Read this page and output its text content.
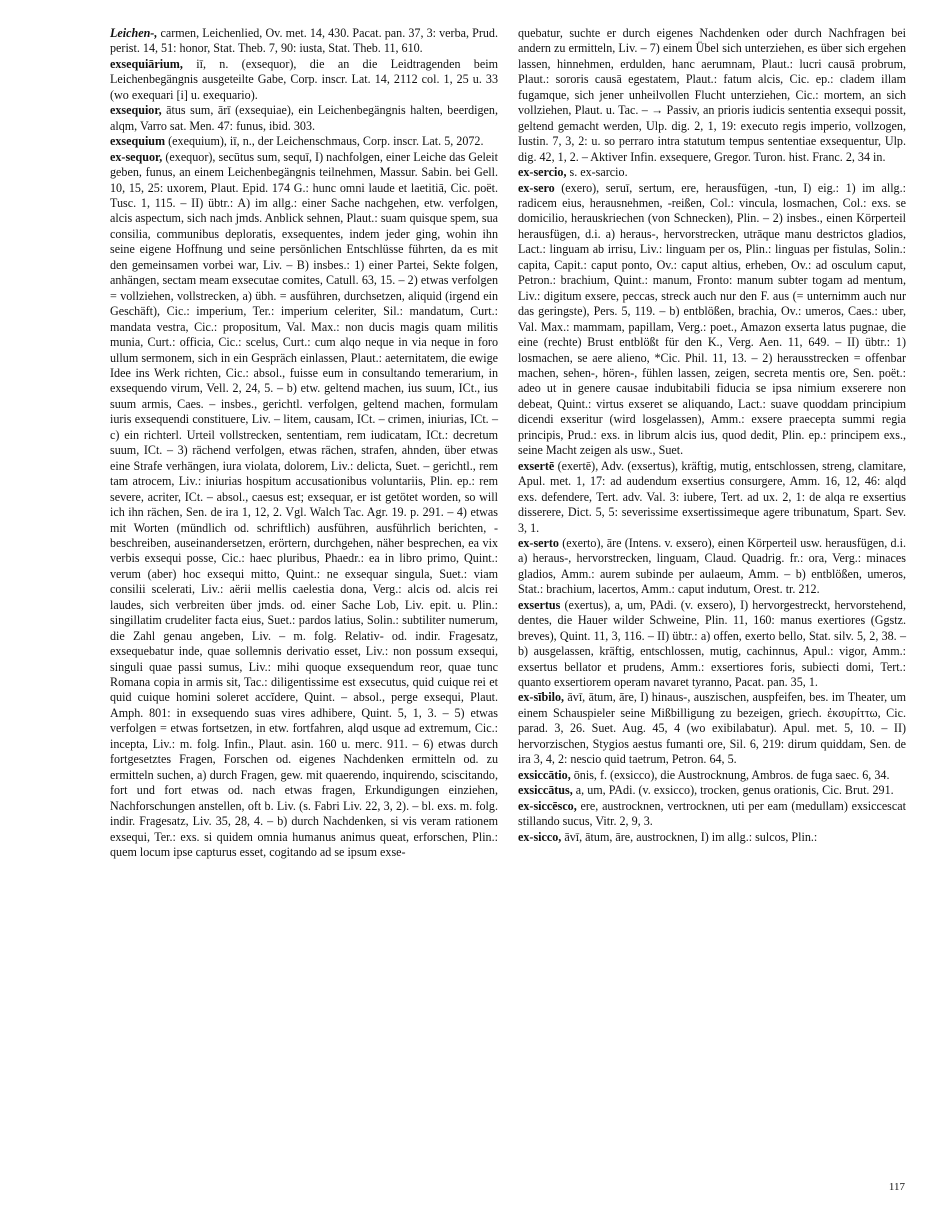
Leichen-, carmen, Leichenlied, Ov. met. 14, 430. Pacat. pan. 37, 3: verba, Prud. perist. 14, 51: honor, Stat. Theb. 7, 90: iusta, Stat. Theb. 11, 610.
exsequiārium, iī, n. (exsequor), die an die Leidtragenden beim Leichenbegängnis ausgeteilte Gabe, Corp. inscr. Lat. 14, 2112 col. 1, 25 u. 33 (wo exequari [i] u. exequario).
exsequior, ātus sum, ārī (exsequiae), ein Leichenbegängnis halten, beerdigen, alqm, Varro sat. Men. 47: funus, ibid. 303.
exsequium (exequium), iī, n., der Leichenschmaus, Corp. inscr. Lat. 5, 2072.
ex-sequor, (exequor), secūtus sum, sequī, I) nachfolgen, einer Leiche das Geleit geben, funus, an einem Leichenbegängnis teilnehmen, Massur. Sabin. bei Gell. 10, 15, 25: uxorem, Plaut. Epid. 174 G.: hunc omni laude et laetitiā, Cic. poët. Tusc. 1, 115. – II) übtr.: A) im allg.: einer Sache nachgehen, etw. verfolgen, alcis aspectum, sich nach jmds. Anblick sehnen, Plaut.: suam quisque spem, sua consilia, communibus deploratis, exsequentes, indem jeder ging, wohin ihn seine eigene Hoffnung und seine persönlichen Entschlüsse führten, da es mit den gemeinsamen vorbei war, Liv. – B) insbes.: 1) einer Partei, Sekte folgen, anhängen, sectam meam exsecutae comites, Catull. 63, 15. – 2) etwas verfolgen = vollziehen, vollstrecken, a) übh. = ausführen, durchsetzen, aliquid (irgend ein Geschäft), Cic.: imperium, Ter.: imperium celeriter, Sil.: mandatum, Curt.: mandata vestra, Cic.: propositum, Val. Max.: non ducis magis quam militis munia, Curt.: officia, Cic.: scelus, Curt.: cum alqo neque in via neque in foro ullum sermonem, sich in ein Gespräch einlassen, Plaut.: aeternitatem, die ewige Idee ins Werk richten, Cic.: absol., fuisse eum in consultando temerarium, in exsequendo virum, Vell. 2, 24, 5. – b) etw. geltend machen, ius suum, ICt., ius suum armis, Caes. – insbes., gerichtl. verfolgen, geltend machen, formulam iuris exsequendi constituere, Liv. – litem, causam, ICt. – crimen, iniurias, ICt. – c) ein richterl. Urteil vollstrecken, sententiam, rem iudicatam, ICt.: decretum suum, ICt. – 3) rächend verfolgen, etwas rächen, strafen, ahnden, über etwas eine Strafe verhängen, iura violata, dolorem, Liv.: delicta, Suet. – gerichtl., rem tam atrocem, Liv.: iniurias hospitum accusationibus voluntariis, Plin. ep.: rem severe, acriter, ICt. – absol., caesus est; exsequar, er ist getötet worden, so will ich ihn rächen, Sen. de ira 1, 12, 2. Vgl. Walch Tac. Agr. 19. p. 291. – 4) etwas mit Worten (mündlich od. schriftlich) ausführen, ausführlich berichten, -beschreiben, auseinandersetzen, erörtern, durchgehen, näher besprechen, ea vix verbis exsequi posse, Cic.: haec pluribus, Phaedr.: ea in libro primo, Quint.: verum (aber) hoc exsequi mitto, Quint.: ne exsequar singula, Suet.: viam consilii scelerati, Liv.: aërii mellis caelestia dona, Verg.: alcis od. alcis rei laudes, sich verbreiten über jmds. od. einer Sache Lob, Liv. epit. u. Plin.: singillatim crudeliter facta eius, Suet.: pardos latius, Solin.: subtiliter numerum, die Zahl genau angeben, Liv. – m. folg. Relativ- od. indir. Fragesatz, exsequebatur inde, quae sollemnis derivatio esset, Liv.: non possum exsequi, singuli quae passi sumus, Liv.: mihi quoque exsequendum reor, quae tunc Romana copia in armis sit, Tac.: diligentissime est exsecutus, quid cuique rei et quid cuique homini soleret accĭdere, Quint. – absol., perge exsequi, Plaut. Amph. 801: in exsequendo suas vires adhibere, Quint. 5, 1, 3. – 5) etwas verfolgen = etwas fortsetzen, in etw. fortfahren, alqd usque ad extremum, Cic.: incepta, Liv.: m. folg. Infin., Plaut. asin. 160 u. merc. 911. – 6) etwas durch fortgesetztes Fragen, Forschen od. eigenes Nachdenken ermitteln od. zu ermitteln suchen, a) durch Fragen, gew. mit quaerendo, inquirendo, sciscitando, fort und fort etwas od. nach etwas fragen, Erkundigungen einziehen, Nachforschungen anstellen, oft b. Liv. (s. Fabri Liv. 22, 3, 2). – bl. exs. m. folg. indir. Fragesatz, Liv. 35, 28, 4. – b) durch Nachdenken, si vis veram rationem exsequi, Ter.: exs. si quidem omnia humanus animus queat, erforschen, Plin.: quem locum ipse capturus esset, cogitando ad se ipsum exse-
quebatur, suchte er durch eigenes Nachdenken oder durch Nachfragen bei andern zu ermitteln, Liv. – 7) einem Übel sich unterziehen, es über sich ergehen lassen, hinnehmen, erdulden, hanc aerumnam, Plaut.: lucri causā probrum, Plaut.: sororis causā egestatem, Plaut.: fatum alcis, Cic. ep.: cladem illam fugamque, sich jener unheilvollen Flucht unterziehen, Cic.: mortem, an sich vollziehen, Plaut. u. Tac. – → Passiv, an prioris iudicis sententia exsequi possit, geltend gemacht werden, Ulp. dig. 2, 1, 19: executo regis imperio, vollzogen, Iustin. 7, 3, 2: u. so perraro intra statutum tempus sententiae exsequentur, Ulp. dig. 42, 1, 2. – Aktiver Infin. exsequere, Gregor. Turon. hist. Franc. 2, 34 in.
ex-sercio, s. ex-sarcio.
ex-sero (exero), seruī, sertum, ere, herausfügen, -tun, I) eig.: 1) im allg.: radicem eius, herausnehmen, -reißen, Col.: vincula, losmachen, Col.: exs. se domicilio, herauskriechen (von Schnecken), Plin. – 2) insbes., einen Körperteil herausfügen, d.i. a) heraus-, hervorstrecken, utrāque manu destrictos gladios, Lact.: linguam ab irrisu, Liv.: linguam per os, Plin.: linguas per fistulas, Solin.: capita, Capit.: caput ponto, Ov.: caput altius, erheben, Ov.: ad osculum caput, Petron.: brachium, Quint.: manum, Fronto: manum subter togam ad mentum, Liv.: digitum exsere, peccas, streck auch nur den F. aus (= unternimm auch nur das geringste), Pers. 5, 119. – b) entblößen, brachia, Ov.: umeros, Caes.: uber, Val. Max.: mammam, papillam, Verg.: poet., Amazon exserta latus pugnae, die eine (rechte) Brust entblößt für den K., Verg. Aen. 11, 649. – II) übtr.: 1) losmachen, se aere alieno, *Cic. Phil. 11, 13. – 2) herausstrecken = offenbar machen, sehen-, hören-, fühlen lassen, zeigen, secreta mentis ore, Sen. poët.: adeo ut in genere causae indubitabili fiducia se ipsa nimium exserere non debeat, Quint.: virtus exseret se aliquando, Lact.: suave quoddam principium dicendi exseritur (wird losgelassen), Amm.: exsere praecepta summi regia principis, Prud.: exs. in librum alcis ius, quod dedit, Plin. ep.: principem exs., seine Macht zeigen als usw., Suet.
exsertē (exertē), Adv. (exsertus), kräftig, mutig, entschlossen, streng, clamitare, Apul. met. 1, 17: ad audendum exsertius consurgere, Amm. 16, 12, 46: alqd exs. defendere, Tert. adv. Val. 3: iubere, Tert. ad ux. 2, 1: de alqa re exsertius disserere, Dict. 5, 5: severissime exsertissimeque agere tribunatum, Spart. Sev. 3, 1.
ex-serto (exerto), āre (Intens. v. exsero), einen Körperteil usw. herausfügen, d.i. a) heraus-, hervorstrecken, linguam, Claud. Quadrig. fr.: ora, Verg.: minaces gladios, Amm.: aurem subinde per aulaeum, Amm. – b) entblößen, umeros, Stat.: brachium, lacertos, Amm.: caput indutum, Orest. tr. 212.
exsertus (exertus), a, um, PAdi. (v. exsero), I) hervorgestreckt, hervorstehend, dentes, die Hauer wilder Schweine, Plin. 11, 160: manus exertiores (Ggstz. breves), Quint. 11, 3, 116. – II) übtr.: a) offen, exerto bello, Stat. silv. 5, 2, 38. – b) ausgelassen, kräftig, entschlossen, mutig, cachinnus, Apul.: vigor, Amm.: exsertus bellator et prudens, Amm.: exsertiores foris, subiecti domi, Tert.: quanto exsertiorem operam navaret tyranno, Pacat. pan. 35, 1.
ex-sībilo, āvī, ātum, āre, I) hinaus-, auszischen, auspfeifen, bes. im Theater, um einem Schauspieler seine Mißbilligung zu bezeigen, griech. ἐκσυρίττω, Cic. parad. 3, 26. Suet. Aug. 45, 4 (wo exibilabatur). Apul. met. 5, 10. – II) hervorzischen, Stygios aestus fumanti ore, Sil. 6, 219: dirum quiddam, Sen. de ira 3, 4, 2: nescio quid taetrum, Petron. 64, 5.
exsiccātio, ōnis, f. (exsicco), die Austrocknung, Ambros. de fuga saec. 6, 34.
exsiccātus, a, um, PAdi. (v. exsicco), trocken, genus orationis, Cic. Brut. 291.
ex-siccēsco, ere, austrocknen, vertrocknen, uti per eam (medullam) exsiccescat stillando sucus, Vitr. 2, 9, 3.
ex-sicco, āvī, ātum, āre, austrocknen, I) im allg.: sulcos, Plin.:
117
